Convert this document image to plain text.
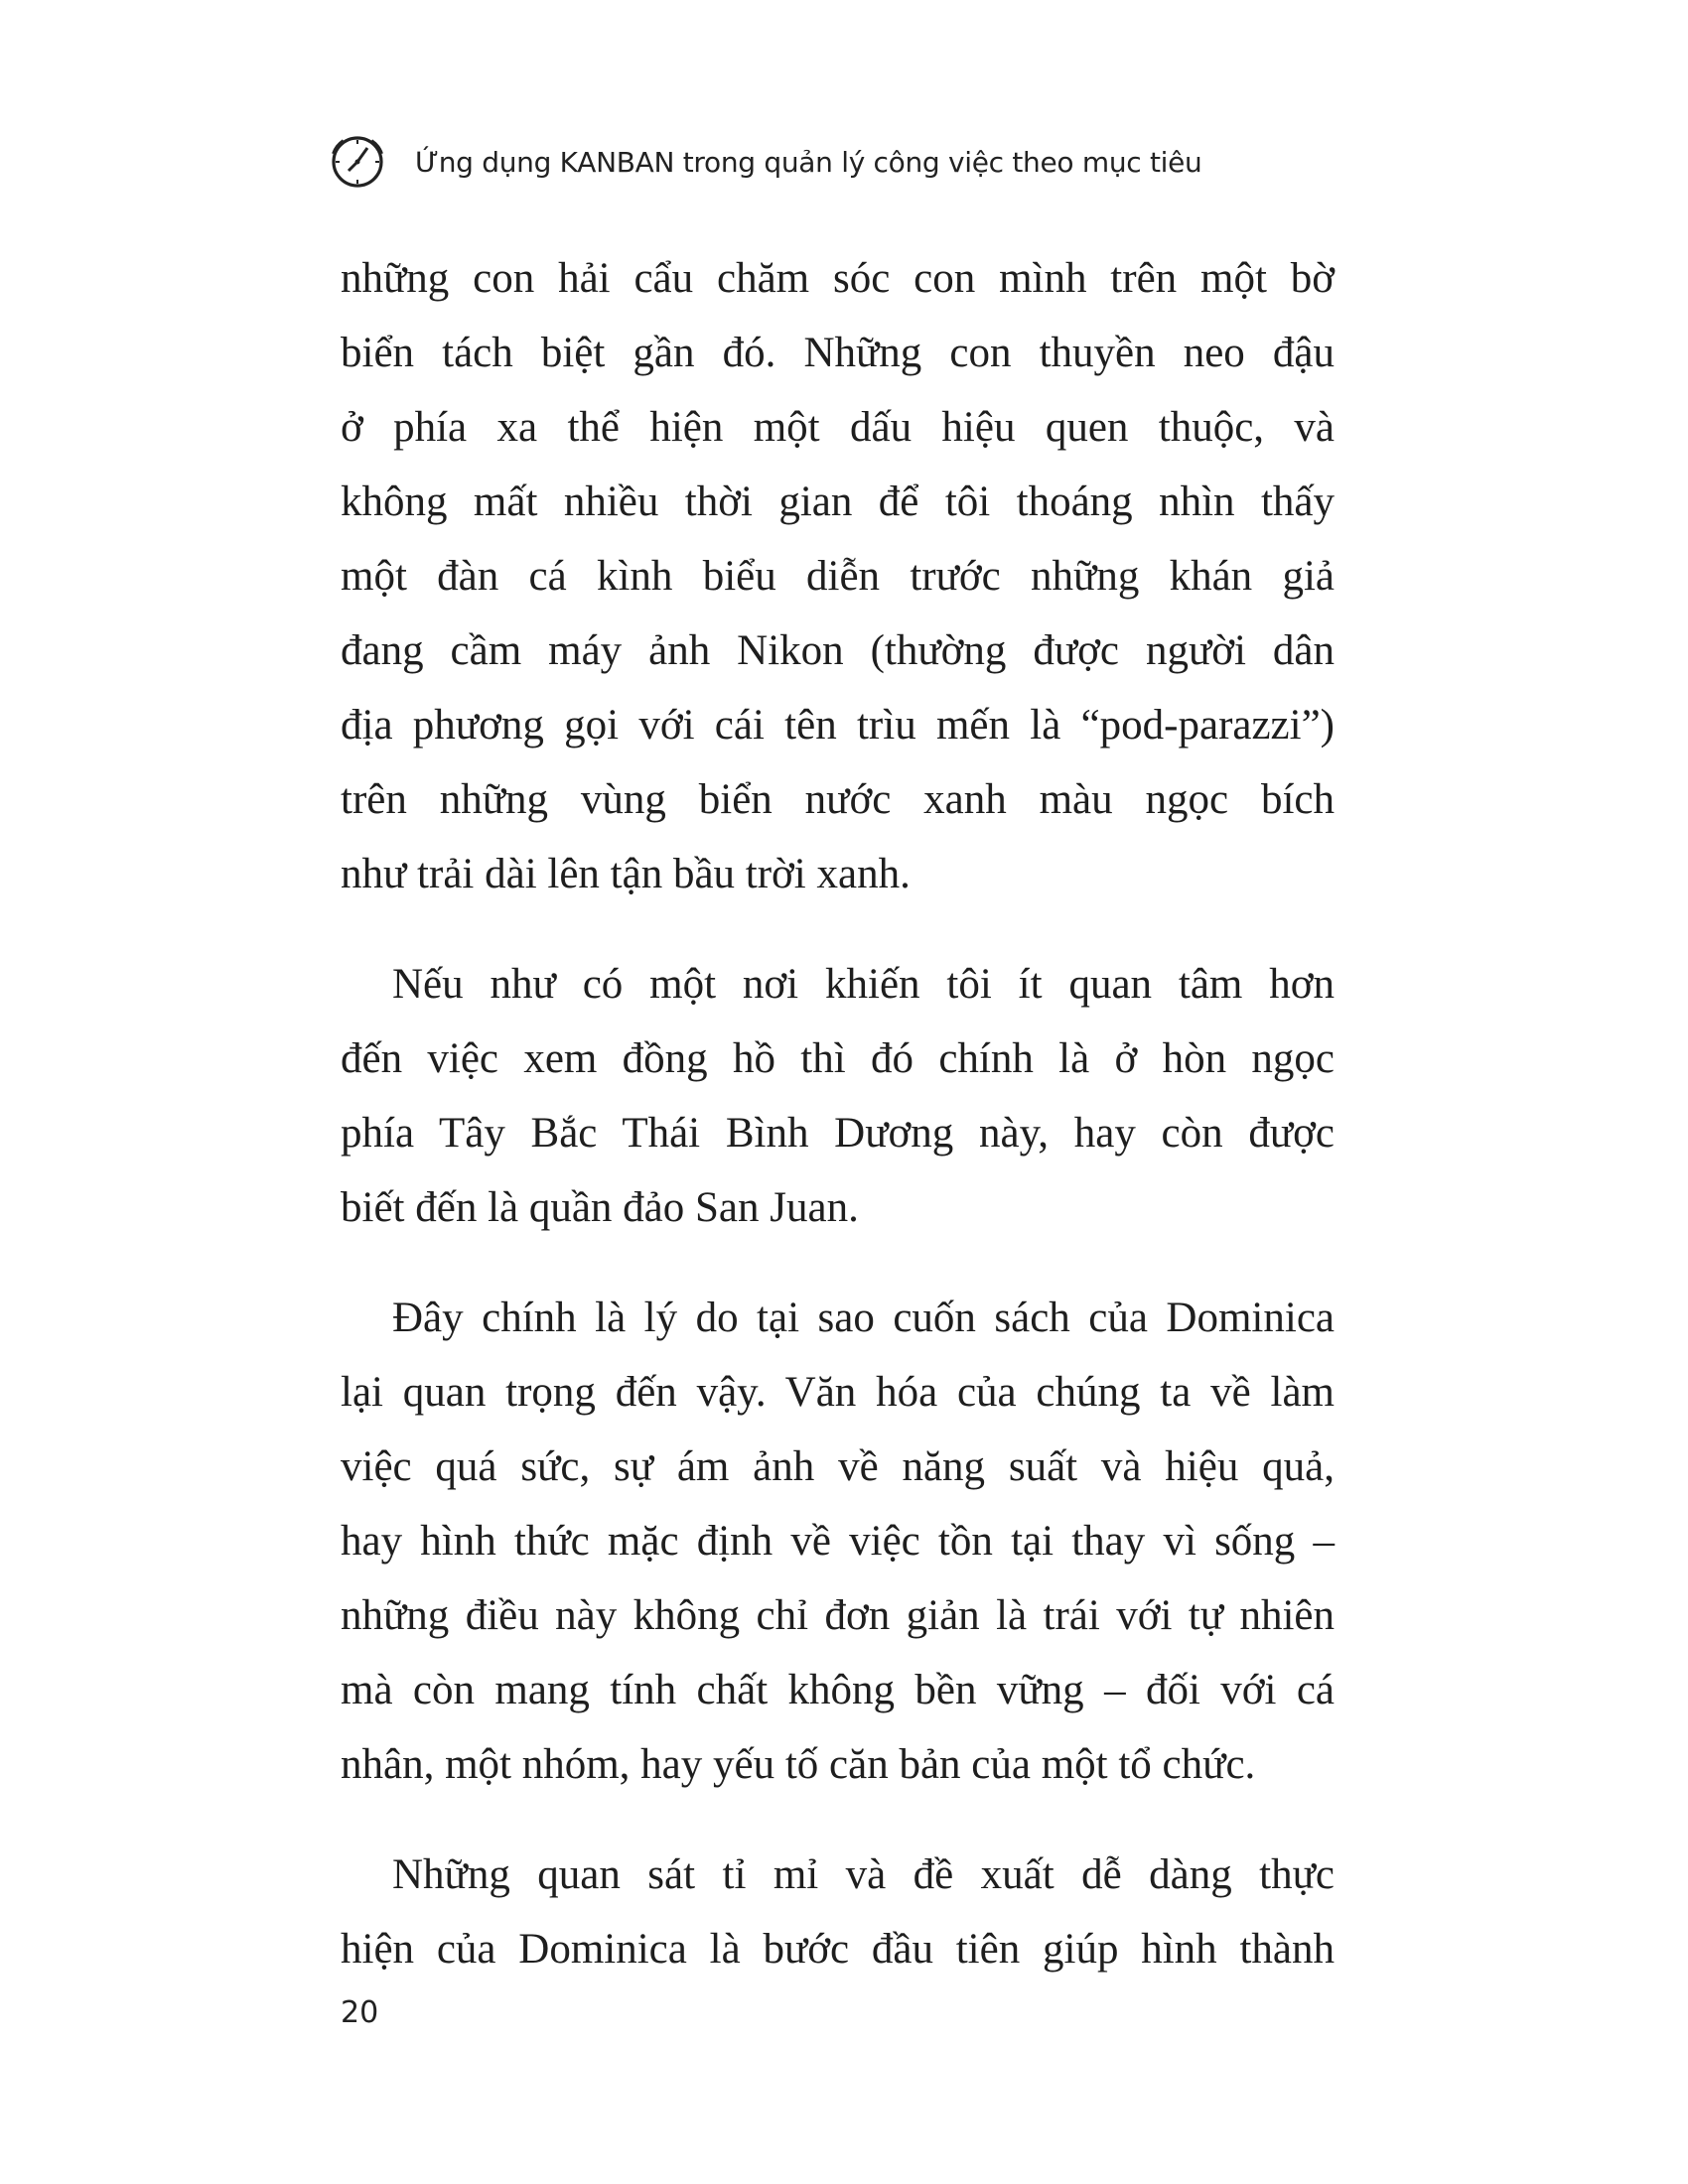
Ứng dụng KANBAN trong quản lý công việc theo mục tiêu
những con hải cẩu chăm sóc con mình trên một bờ
biển tách biệt gần đó. Những con thuyền neo đậu
ở phía xa thể hiện một dấu hiệu quen thuộc, và
không mất nhiều thời gian để tôi thoáng nhìn thấy
một đàn cá kình biểu diễn trước những khán giả
đang cầm máy ảnh Nikon (thường được người dân
địa phương gọi với cái tên trìu mến là “pod-parazzi”)
trên những vùng biển nước xanh màu ngọc bích
như trải dài lên tận bầu trời xanh.
Nếu như có một nơi khiến tôi ít quan tâm hơn
đến việc xem đồng hồ thì đó chính là ở hòn ngọc
phía Tây Bắc Thái Bình Dương này, hay còn được
biết đến là quần đảo San Juan.
Đây chính là lý do tại sao cuốn sách của Dominica
lại quan trọng đến vậy. Văn hóa của chúng ta về làm
việc quá sức, sự ám ảnh về năng suất và hiệu quả,
hay hình thức mặc định về việc tồn tại thay vì sống –
những điều này không chỉ đơn giản là trái với tự nhiên
mà còn mang tính chất không bền vững – đối với cá
nhân, một nhóm, hay yếu tố căn bản của một tổ chức.
Những quan sát tỉ mỉ và đề xuất dễ dàng thực
hiện của Dominica là bước đầu tiên giúp hình thành
20
